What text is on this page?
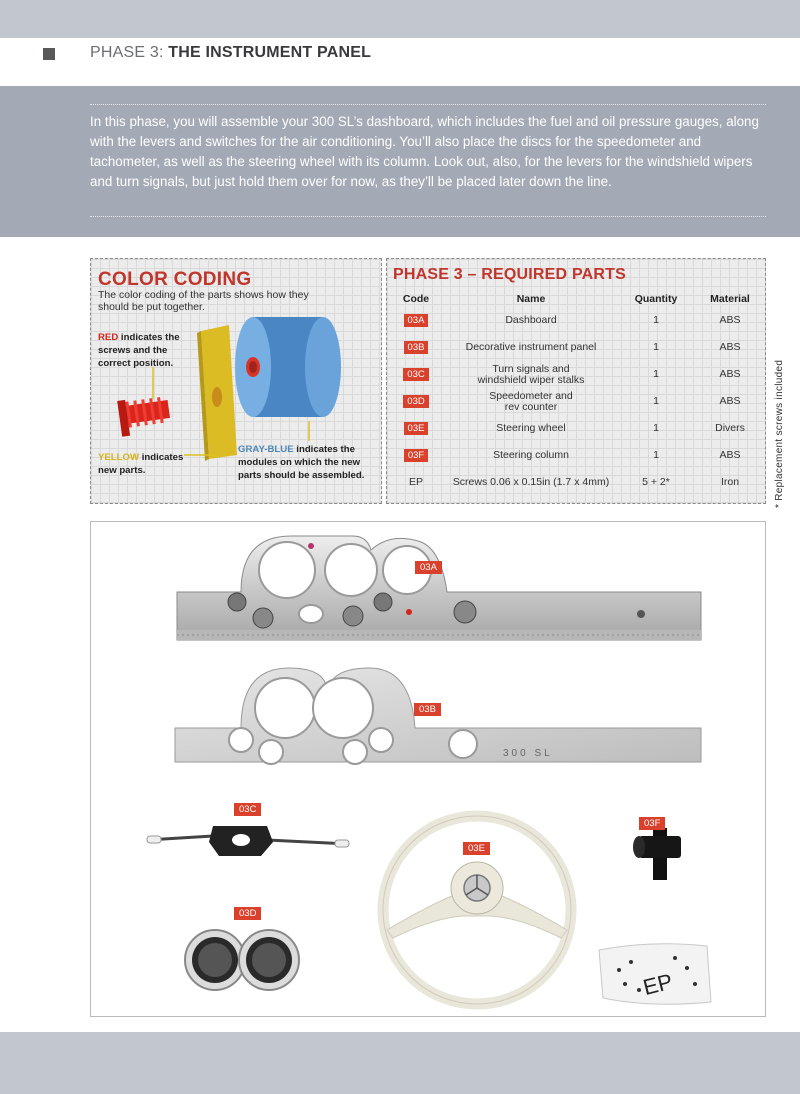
PHASE 3: THE INSTRUMENT PANEL

In this phase, you will assemble your 300 SL’s dashboard, which includes the fuel and oil pressure gauges, along with the levers and switches for the air conditioning. You’ll also place the discs for the speedometer and tachometer, as well as the steering wheel with its column. Look out, also, for the levers for the windshield wipers and turn signals, but just hold them over for now, as they’ll be placed later down the line.

COLOR CODING
The color coding of the parts shows how they should be put together.
RED indicates the screws and the correct position.
YELLOW indicates new parts.
GRAY-BLUE indicates the modules on which the new parts should be assembled.
PHASE 3 – REQUIRED PARTS
Code	Name	Quantity	Material
03A	Dashboard	1	ABS
03B	Decorative instrument panel	1	ABS
03C	Turn signals and windshield wiper stalks	1	ABS
03D	Speedometer and rev counter	1	ABS
03E	Steering wheel	1	Divers
03F	Steering column	1	ABS
EP	Screws 0.06 x 0.15in (1.7 x 4mm)	5 + 2*	Iron	* Replacement screws included
300 SL
EP
03A
03B
03C
03F
03E
03D
